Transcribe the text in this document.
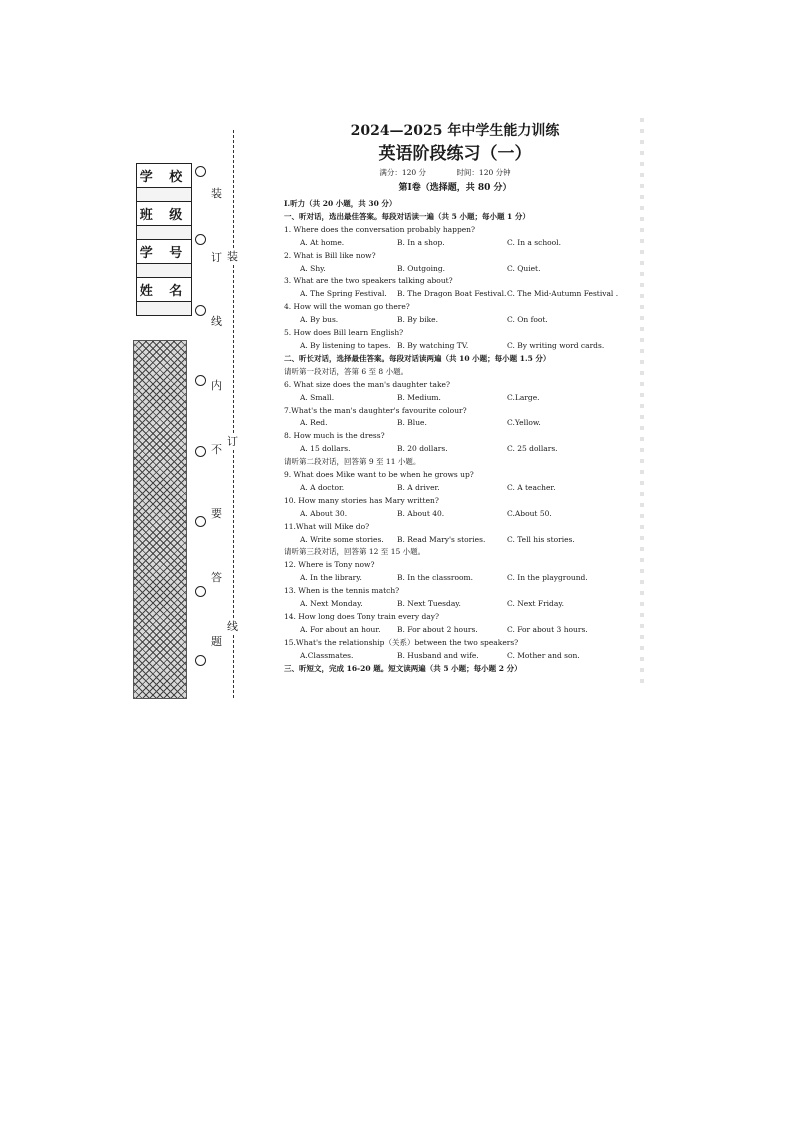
学 校
班 级
学 号
姓 名
装
订
线
内
不
要
答
题
装
订
线
2024—2025 年中学生能力训练
英语阶段练习（一）
满分：120 分	时间：120 分钟
第Ⅰ卷（选择题，共 80 分）
Ⅰ.听力（共 20 小题，共 30 分）
一、听对话，选出最佳答案。每段对话读一遍（共 5 小题；每小题 1 分）
1. Where does the conversation probably happen?
A. At home.	B. In a shop.	C. In a school.
2. What is Bill like now?
A. Shy.	B. Outgoing.	C. Quiet.
3. What are the two speakers talking about?
A. The Spring Festival.	B. The Dragon Boat Festival. C. The Mid-Autumn Festival .
4. How will the woman go there?
A. By bus.	B. By bike.	C. On foot.
5. How does Bill learn English?
A. By listening to tapes. B. By watching TV.	C. By writing word cards.
二、听长对话，选择最佳答案。每段对话读两遍（共 10 小题；每小题 1.5 分）
请听第一段对话，答第 6 至 8 小题。
6. What size does the man's daughter take?
A. Small.	B. Medium.	C.Large.
7.What's the man's daughter's favourite colour?
A. Red.	B. Blue.	C.Yellow.
8. How much is the dress?
A. 15 dollars.	B. 20 dollars.	C. 25 dollars.
请听第二段对话，回答第 9 至 11 小题。
9. What does Mike want to be when he grows up?
A. A doctor.	B. A driver.	C. A teacher.
10. How many stories has Mary written?
A. About 30.	B. About 40.	C.About 50.
11.What will Mike do?
A. Write some stories.	B. Read Mary's stories.	C. Tell his stories.
请听第三段对话，回答第 12 至 15 小题。
12. Where is Tony now?
A. In the library.	B. In the classroom.	C. In the playground.
13. When is the tennis match?
A. Next Monday.	B. Next Tuesday.	C. Next Friday.
14. How long does Tony train every day?
A. For about an hour.	B. For about 2 hours.	C. For about 3 hours.
15.What's the relationship（关系）between the two speakers?
A.Classmates.	B. Husband and wife.	C. Mother and son.
三、听短文，完成 16-20 题。短文读两遍（共 5 小题；每小题 2 分）
